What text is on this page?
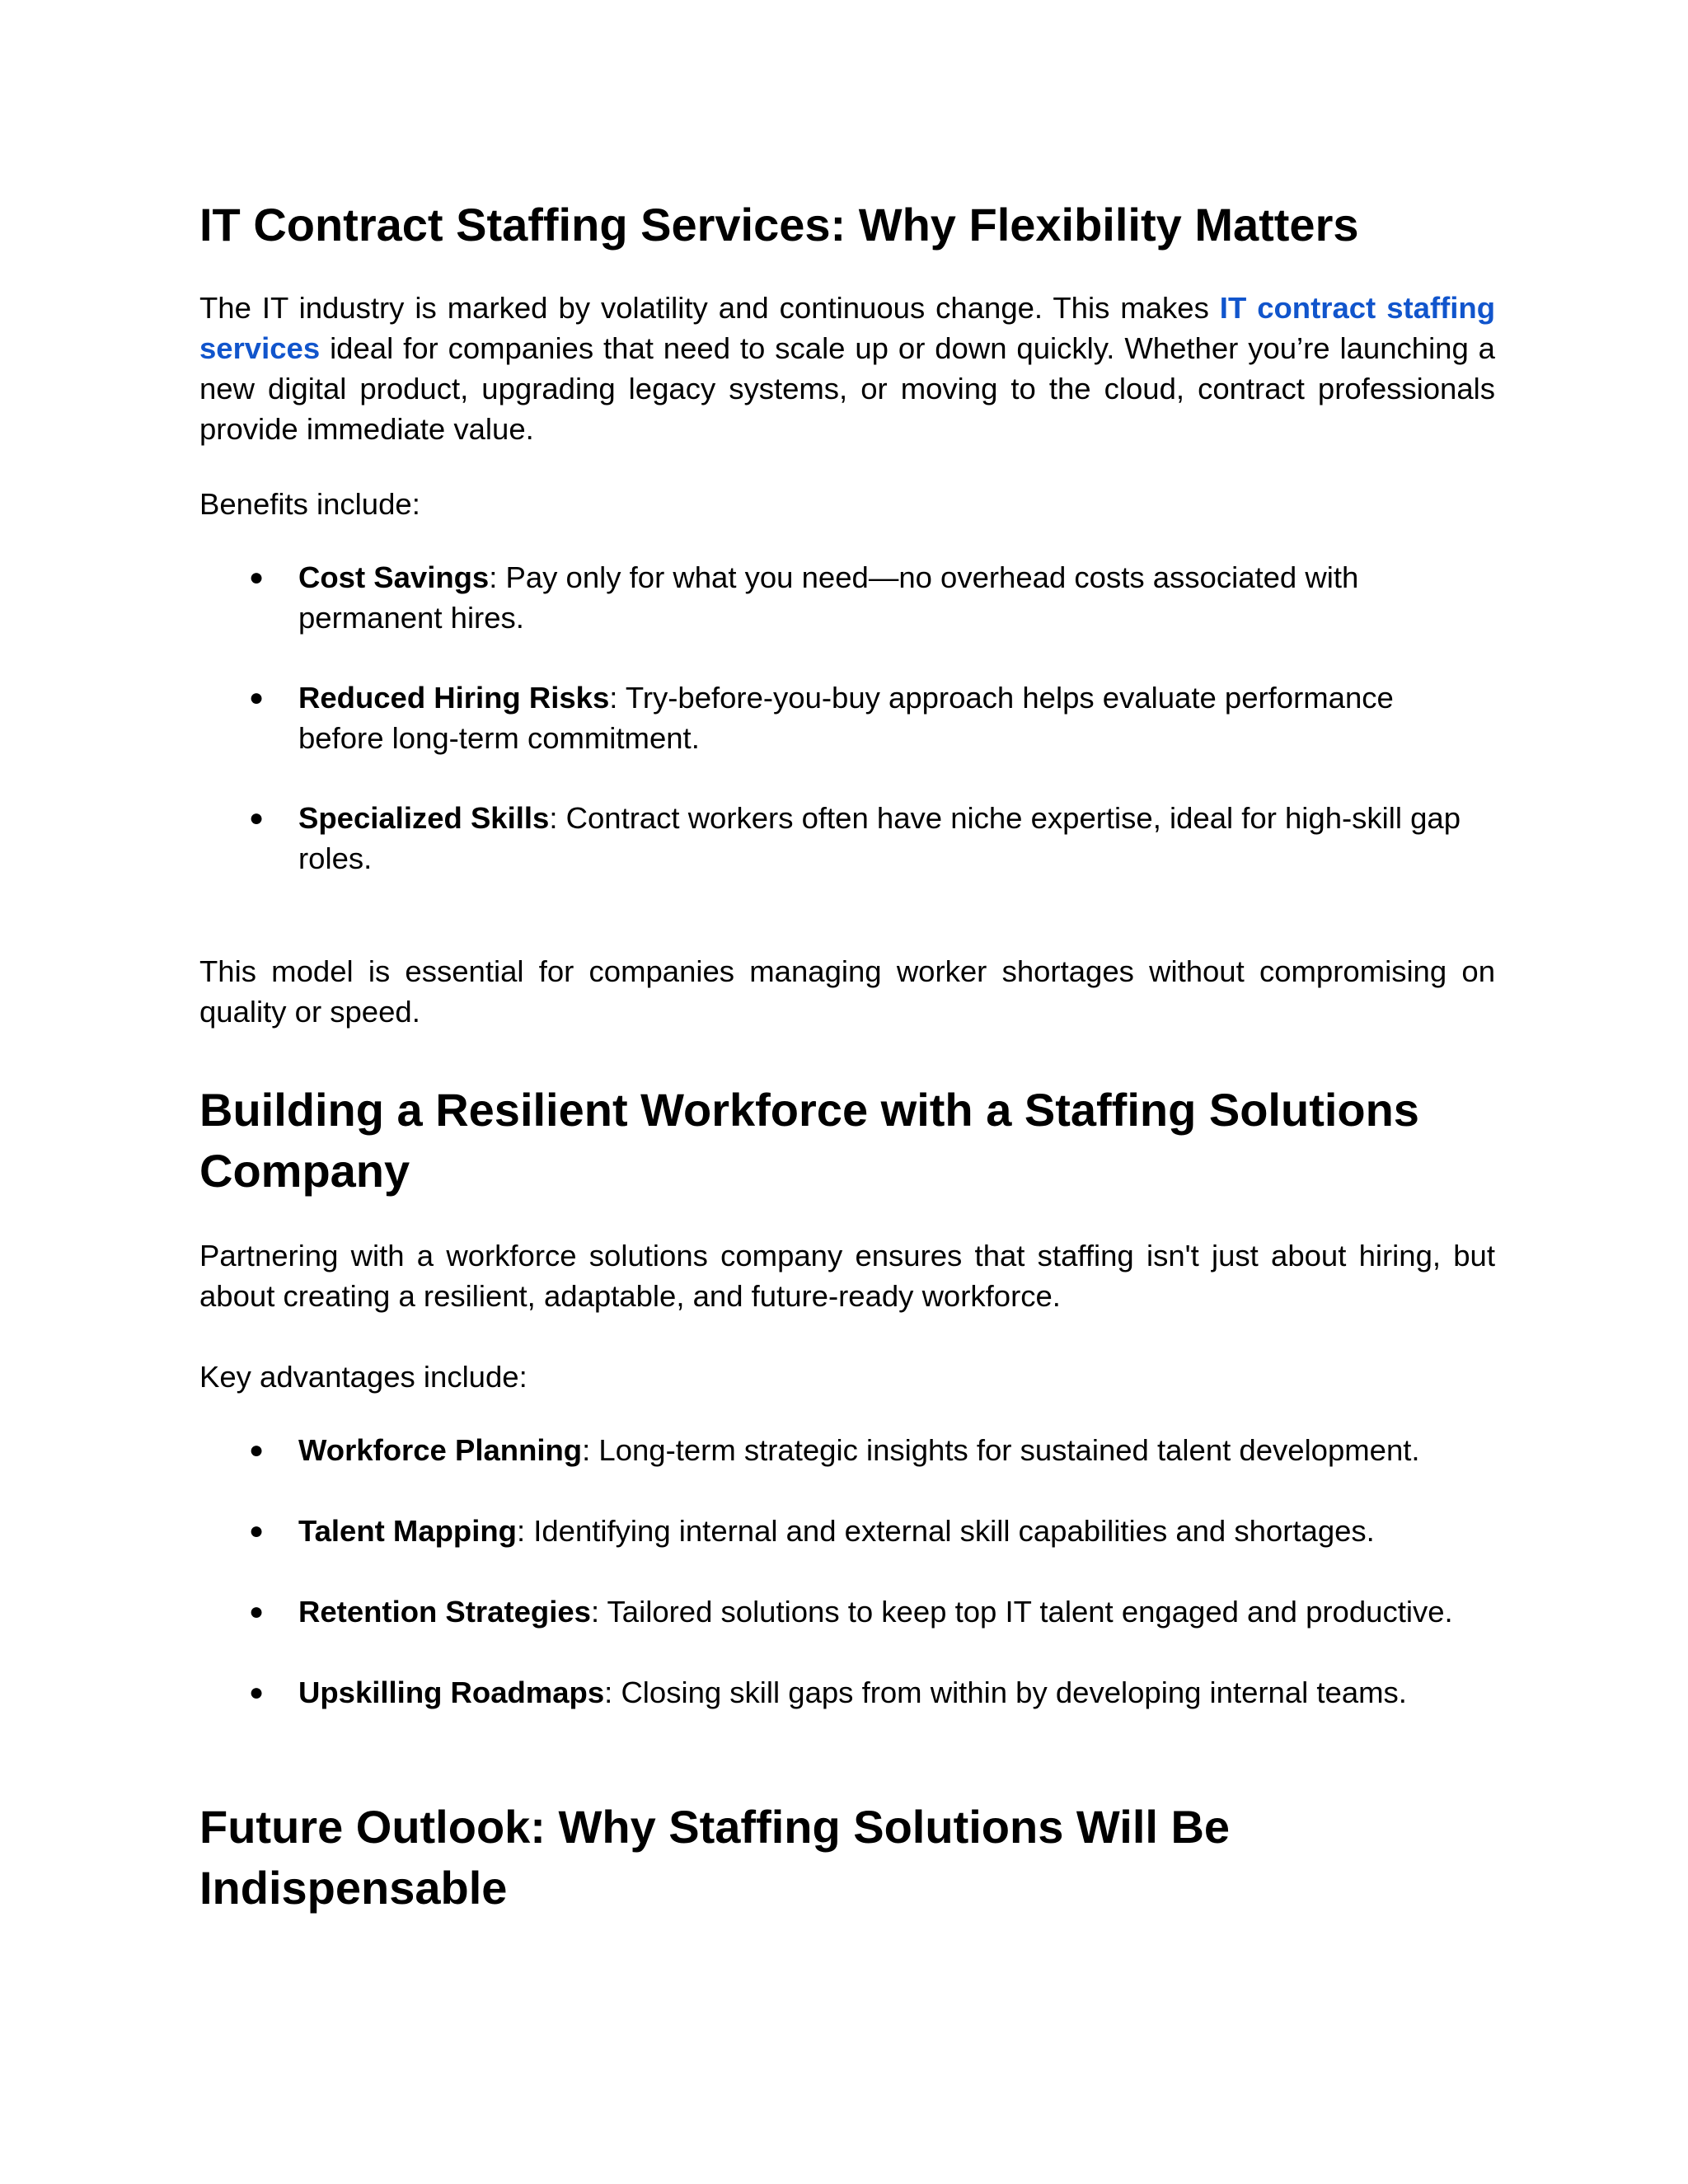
IT Contract Staffing Services: Why Flexibility Matters

The IT industry is marked by volatility and continuous change. This makes IT contract staffing services ideal for companies that need to scale up or down quickly. Whether you’re launching a new digital product, upgrading legacy systems, or moving to the cloud, contract professionals provide immediate value.

Benefits include:

● Cost Savings: Pay only for what you need—no overhead costs associated with permanent hires.
● Reduced Hiring Risks: Try-before-you-buy approach helps evaluate performance before long-term commitment.
● Specialized Skills: Contract workers often have niche expertise, ideal for high-skill gap roles.

This model is essential for companies managing worker shortages without compromising on quality or speed.

Building a Resilient Workforce with a Staffing Solutions Company

Partnering with a workforce solutions company ensures that staffing isn't just about hiring, but about creating a resilient, adaptable, and future-ready workforce.

Key advantages include:

● Workforce Planning: Long-term strategic insights for sustained talent development.
● Talent Mapping: Identifying internal and external skill capabilities and shortages.
● Retention Strategies: Tailored solutions to keep top IT talent engaged and productive.
● Upskilling Roadmaps: Closing skill gaps from within by developing internal teams.
Future Outlook: Why Staffing Solutions Will Be Indispensable
